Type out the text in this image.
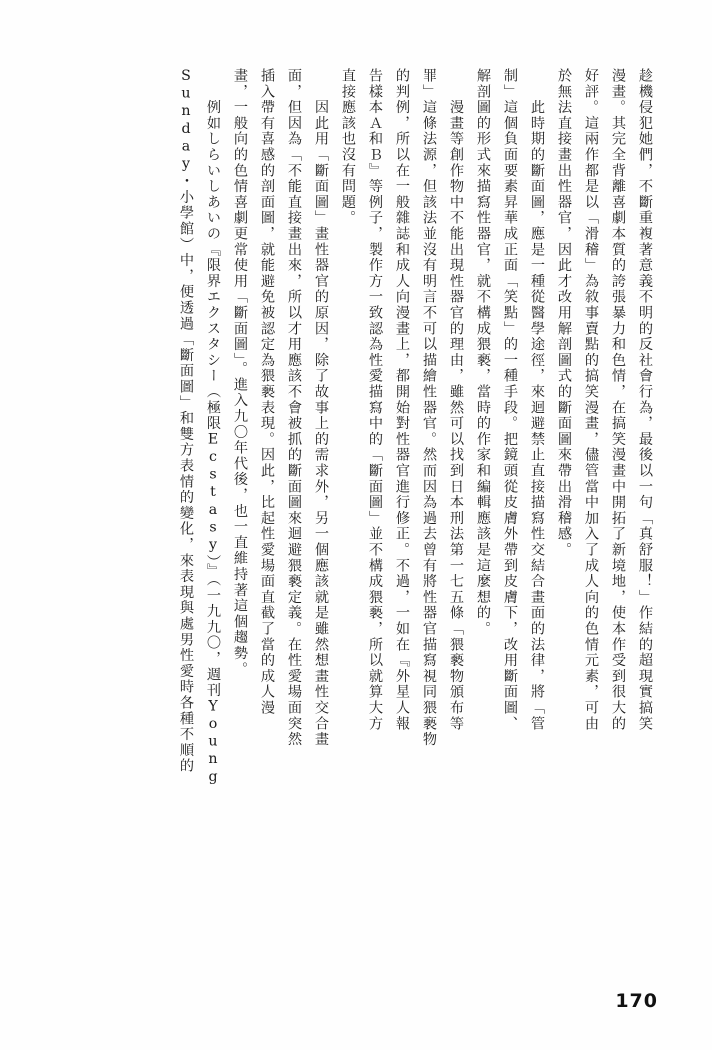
趁機侵犯她們，不斷重複著意義不明的反社會行為，最後以一句「真舒服！」作結的超現實搞笑
漫畫。其完全背離喜劇本質的誇張暴力和色情，在搞笑漫畫中開拓了新境地，使本作受到很大的
好評。這兩作都是以「滑稽」為敘事賣點的搞笑漫畫，儘管當中加入了成人向的色情元素，可由
於無法直接畫出性器官，因此才改用解剖圖式的斷面圖來帶出滑稽感。
　　此時期的斷面圖，應是一種從醫學途徑，來迴避禁止直接描寫性交結合畫面的法律，將「管
制」這個負面要素昇華成正面「笑點」的一種手段。把鏡頭從皮膚外帶到皮膚下，改用斷面圖、
解剖圖的形式來描寫性器官，就不構成猥褻，當時的作家和編輯應該是這麼想的。
　　漫畫等創作物中不能出現性器官的理由，雖然可以找到日本刑法第一七五條「猥褻物頒布等
罪」這條法源，但該法並沒有明言不可以描繪性器官。然而因為過去曾有將性器官描寫視同猥褻物
的判例，所以在一般雜誌和成人向漫畫上，都開始對性器官進行修正。不過，一如在『外星人報
告樣本Ａ和Ｂ』等例子，製作方一致認為性愛描寫中的「斷面圖」並不構成猥褻，所以就算大方
直接應該也沒有問題。
　　因此用「斷面圖」畫性器官的原因，除了故事上的需求外，另一個應該就是雖然想畫性交合畫
面，但因為「不能直接畫出來，所以才用應該不會被抓的斷面圖來迴避猥褻定義。在性愛場面突然
插入帶有喜感的剖面圖，就能避免被認定為猥褻表現。因此，比起性愛場面直截了當的成人漫
畫，一般向的色情喜劇更常使用「斷面圖」。進入九〇年代後，也一直維持著這個趨勢。
　　例如しらいしあいの『限界エクスタシー（極限Ecstasy）』（一九九〇，週刊Young
Sunday・小學館）中，便透過「斷面圖」和雙方表情的變化，來表現與處男性愛時各種不順的
170
